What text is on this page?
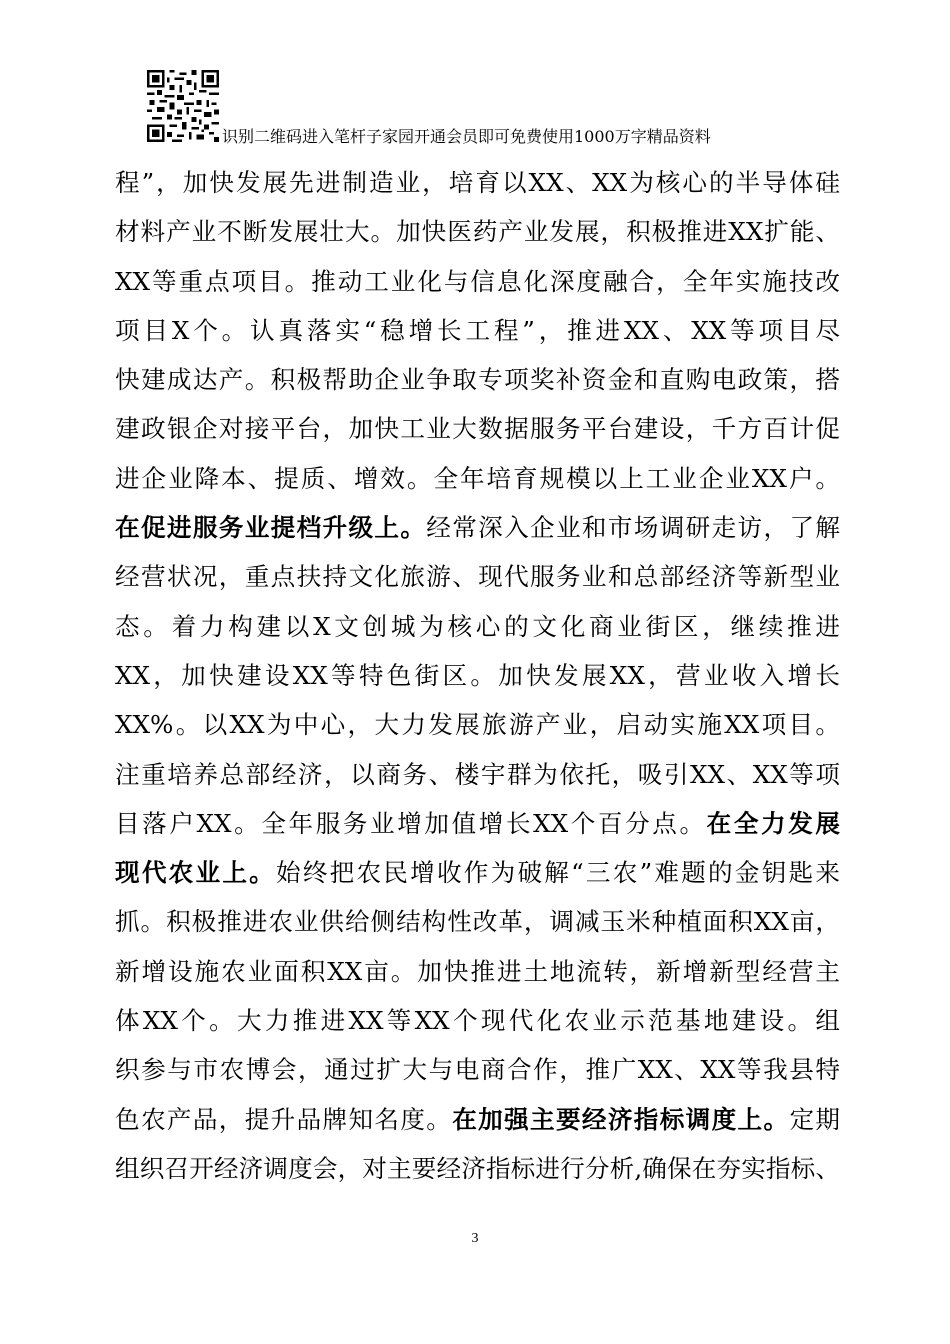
识别二维码进入笔杆子家园开通会员即可免费使用1000万字精品资料
程”，加快发展先进制造业，培育以XX、XX为核心的半导体硅
材料产业不断发展壮大。加快医药产业发展，积极推进XX扩能、
XX等重点项目。推动工业化与信息化深度融合，全年实施技改
项目X个。认真落实“稳增长工程”，推进XX、XX等项目尽
快建成达产。积极帮助企业争取专项奖补资金和直购电政策，搭
建政银企对接平台，加快工业大数据服务平台建设，千方百计促
进企业降本、提质、增效。全年培育规模以上工业企业XX户。
在促进服务业提档升级上。经常深入企业和市场调研走访，了解
经营状况，重点扶持文化旅游、现代服务业和总部经济等新型业
态。着力构建以X文创城为核心的文化商业街区，继续推进
XX，加快建设XX等特色街区。加快发展XX，营业收入增长
XX%。以XX为中心，大力发展旅游产业，启动实施XX项目。
注重培养总部经济，以商务、楼宇群为依托，吸引XX、XX等项
目落户XX。全年服务业增加值增长XX个百分点。在全力发展
现代农业上。始终把农民增收作为破解“三农”难题的金钥匙来
抓。积极推进农业供给侧结构性改革，调减玉米种植面积XX亩，
新增设施农业面积XX亩。加快推进土地流转，新增新型经营主
体XX个。大力推进XX等XX个现代化农业示范基地建设。组
织参与市农博会，通过扩大与电商合作，推广XX、XX等我县特
色农产品，提升品牌知名度。在加强主要经济指标调度上。定期
组织召开经济调度会，对主要经济指标进行分析,确保在夯实指标、
3
